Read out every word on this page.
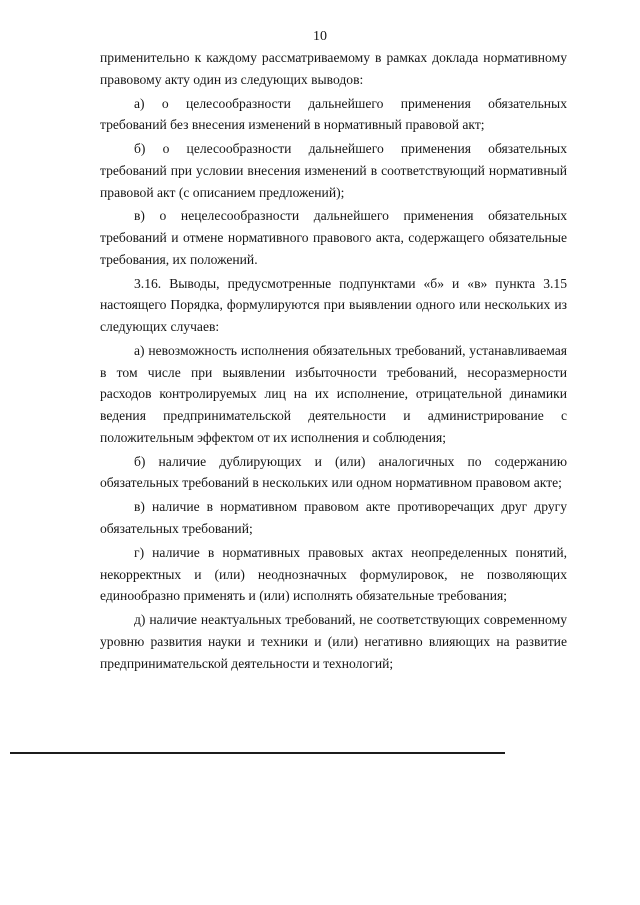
10

применительно к каждому рассматриваемому в рамках доклада нормативному правовому акту один из следующих выводов:

а) о целесообразности дальнейшего применения обязательных требований без внесения изменений в нормативный правовой акт;

б) о целесообразности дальнейшего применения обязательных требований при условии внесения изменений в соответствующий нормативный правовой акт (с описанием предложений);

в) о нецелесообразности дальнейшего применения обязательных требований и отмене нормативного правового акта, содержащего обязательные требования, их положений.

3.16. Выводы, предусмотренные подпунктами «б» и «в» пункта 3.15 настоящего Порядка, формулируются при выявлении одного или нескольких из следующих случаев:

а) невозможность исполнения обязательных требований, устанавливаемая в том числе при выявлении избыточности требований, несоразмерности расходов контролируемых лиц на их исполнение, отрицательной динамики ведения предпринимательской деятельности и администрирование с положительным эффектом от их исполнения и соблюдения;

б) наличие дублирующих и (или) аналогичных по содержанию обязательных требований в нескольких или одном нормативном правовом акте;

в) наличие в нормативном правовом акте противоречащих друг другу обязательных требований;

г) наличие в нормативных правовых актах неопределенных понятий, некорректных и (или) неоднозначных формулировок, не позволяющих единообразно применять и (или) исполнять обязательные требования;

д) наличие неактуальных требований, не соответствующих современному уровню развития науки и техники и (или) негативно влияющих на развитие предпринимательской деятельности и технологий;
